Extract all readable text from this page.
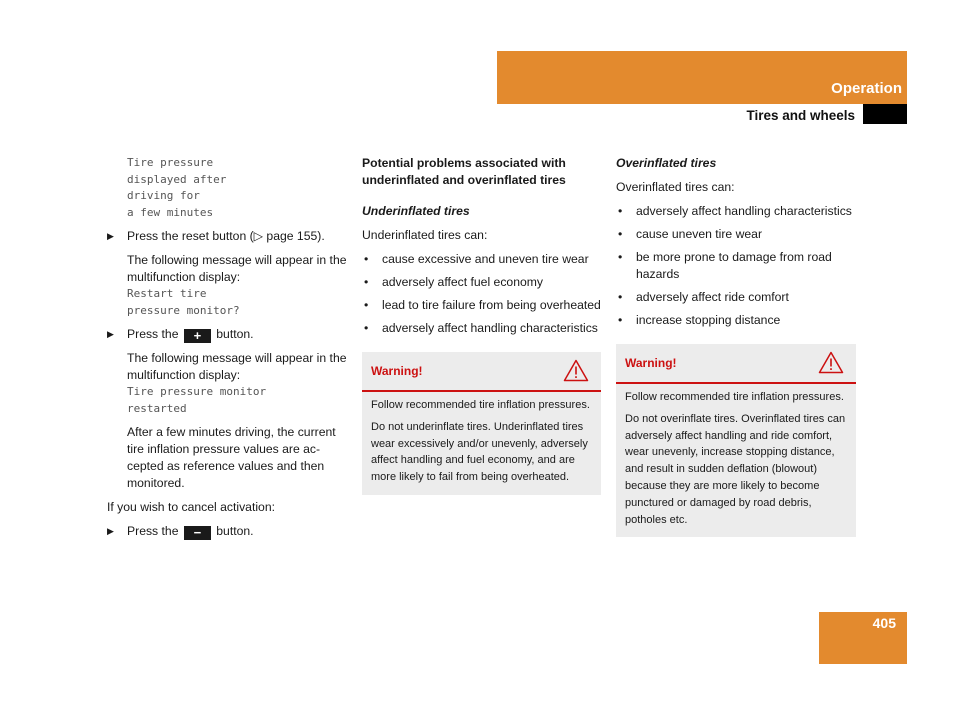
Operation
Tires and wheels
Tire pressure
displayed after
driving for
a few minutes
▶ Press the reset button (▷ page 155).

The following message will appear in the multifunction display:

Restart tire
pressure monitor?
▶ Press the + button.

The following message will appear in the multifunction display:

Tire pressure monitor
restarted

After a few minutes driving, the current tire inflation pressure values are ac-cepted as reference values and then monitored.

If you wish to cancel activation:

▶ Press the − button.
Potential problems associated with underinflated and overinflated tires

Underinflated tires

Underinflated tires can:

• cause excessive and uneven tire wear
• adversely affect fuel economy
• lead to tire failure from being overheated
• adversely affect handling characteristics
Warning!

Follow recommended tire inflation pressures.

Do not underinflate tires. Underinflated tires wear excessively and/or unevenly, adversely affect handling and fuel economy, and are more likely to fail from being overheated.

Overinflated tires

Overinflated tires can:

• adversely affect handling characteristics
• cause uneven tire wear
• be more prone to damage from road hazards
• adversely affect ride comfort
• increase stopping distance
Warning!

Follow recommended tire inflation pressures.

Do not overinflate tires. Overinflated tires can adversely affect handling and ride comfort, wear unevenly, increase stopping distance, and result in sudden deflation (blowout) because they are more likely to become punctured or damaged by road debris, potholes etc.

405
